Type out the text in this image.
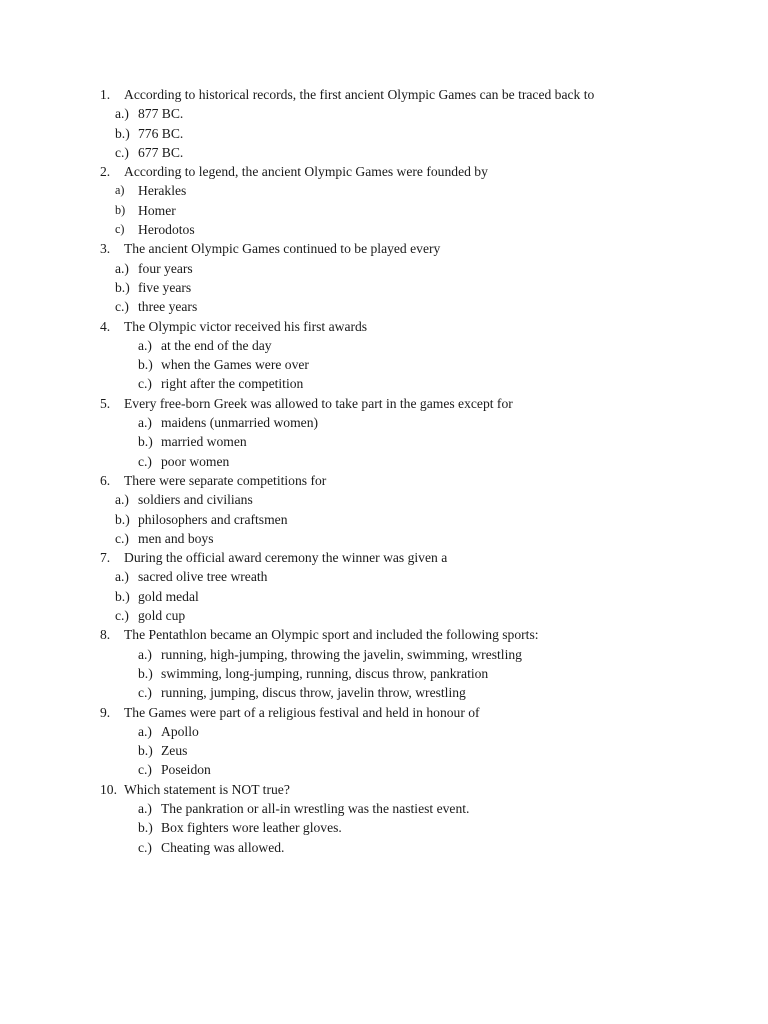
1. According to historical records, the first ancient Olympic Games can be traced back to
a.) 877 BC.
b.) 776 BC.
c.) 677 BC.
2. According to legend, the ancient Olympic Games were founded by
a) Herakles
b) Homer
c) Herodotos
3. The ancient Olympic Games continued to be played every
a.) four years
b.) five years
c.) three years
4. The Olympic victor received his first awards
a.) at the end of the day
b.) when the Games were over
c.) right after the competition
5. Every free-born Greek was allowed to take part in the games except for
a.) maidens (unmarried women)
b.) married women
c.) poor women
6. There were separate competitions for
a.) soldiers and civilians
b.) philosophers and craftsmen
c.) men and boys
7. During the official award ceremony the winner was given a
a.) sacred olive tree wreath
b.) gold medal
c.) gold cup
8. The Pentathlon became an Olympic sport and included the following sports:
a.) running, high-jumping, throwing the javelin, swimming, wrestling
b.) swimming, long-jumping, running, discus throw, pankration
c.) running, jumping, discus throw, javelin throw, wrestling
9. The Games were part of a religious festival and held in honour of
a.) Apollo
b.) Zeus
c.) Poseidon
10. Which statement is NOT true?
a.) The pankration or all-in wrestling was the nastiest event.
b.) Box fighters wore leather gloves.
c.) Cheating was allowed.
